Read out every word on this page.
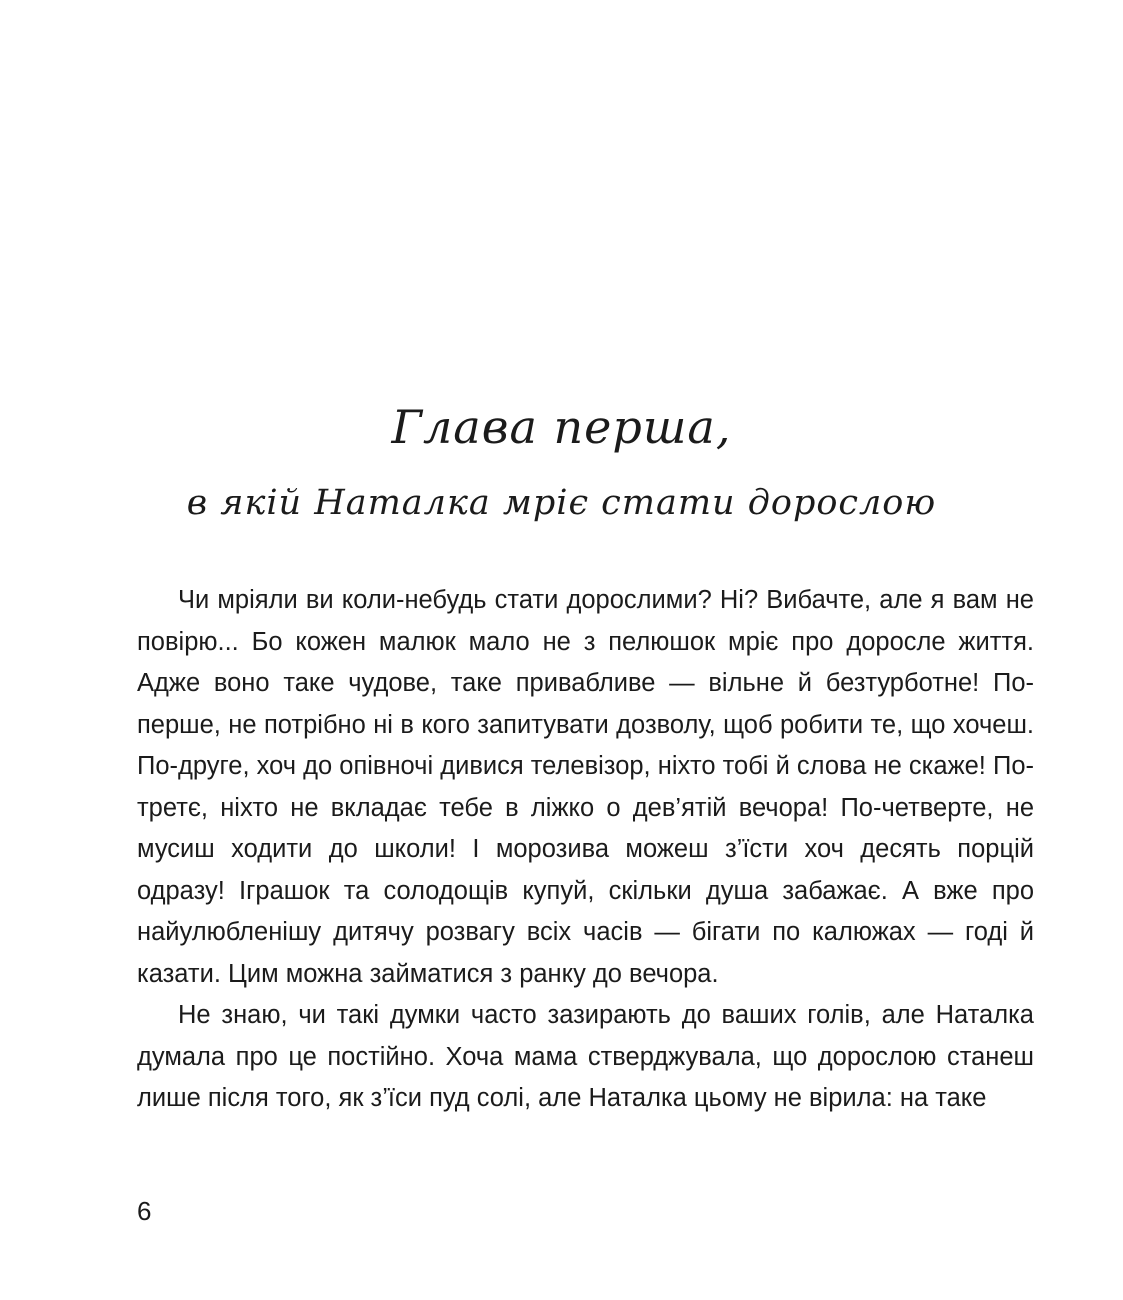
Глава перша,
в якій Наталка мріє стати дорослою

Чи мріяли ви коли-небудь стати дорослими? Ні? Вибачте, але я вам не повірю... Бо кожен малюк мало не з пелюшок мріє про доросле життя. Адже воно таке чудове, таке привабливе — вільне й безтурботне! По-перше, не потрібно ні в кого запитувати дозволу, щоб робити те, що хочеш. По-друге, хоч до опівночі дивися телевізор, ніхто тобі й слова не скаже! По-третє, ніхто не вкладає тебе в ліжко о дев’ятій вечора! По-четверте, не мусиш ходити до школи! І морозива можеш з’їсти хоч десять порцій одразу! Іграшок та солодощів купуй, скільки душа забажає. А вже про найулюбленішу дитячу розвагу всіх часів — бігати по калюжах — годі й казати. Цим можна займатися з ранку до вечора.

Не знаю, чи такі думки часто зазирають до ваших голів, але Наталка думала про це постійно. Хоча мама стверджувала, що дорослою станеш лише після того, як з’їси пуд солі, але Наталка цьому не вірила: на таке

6
